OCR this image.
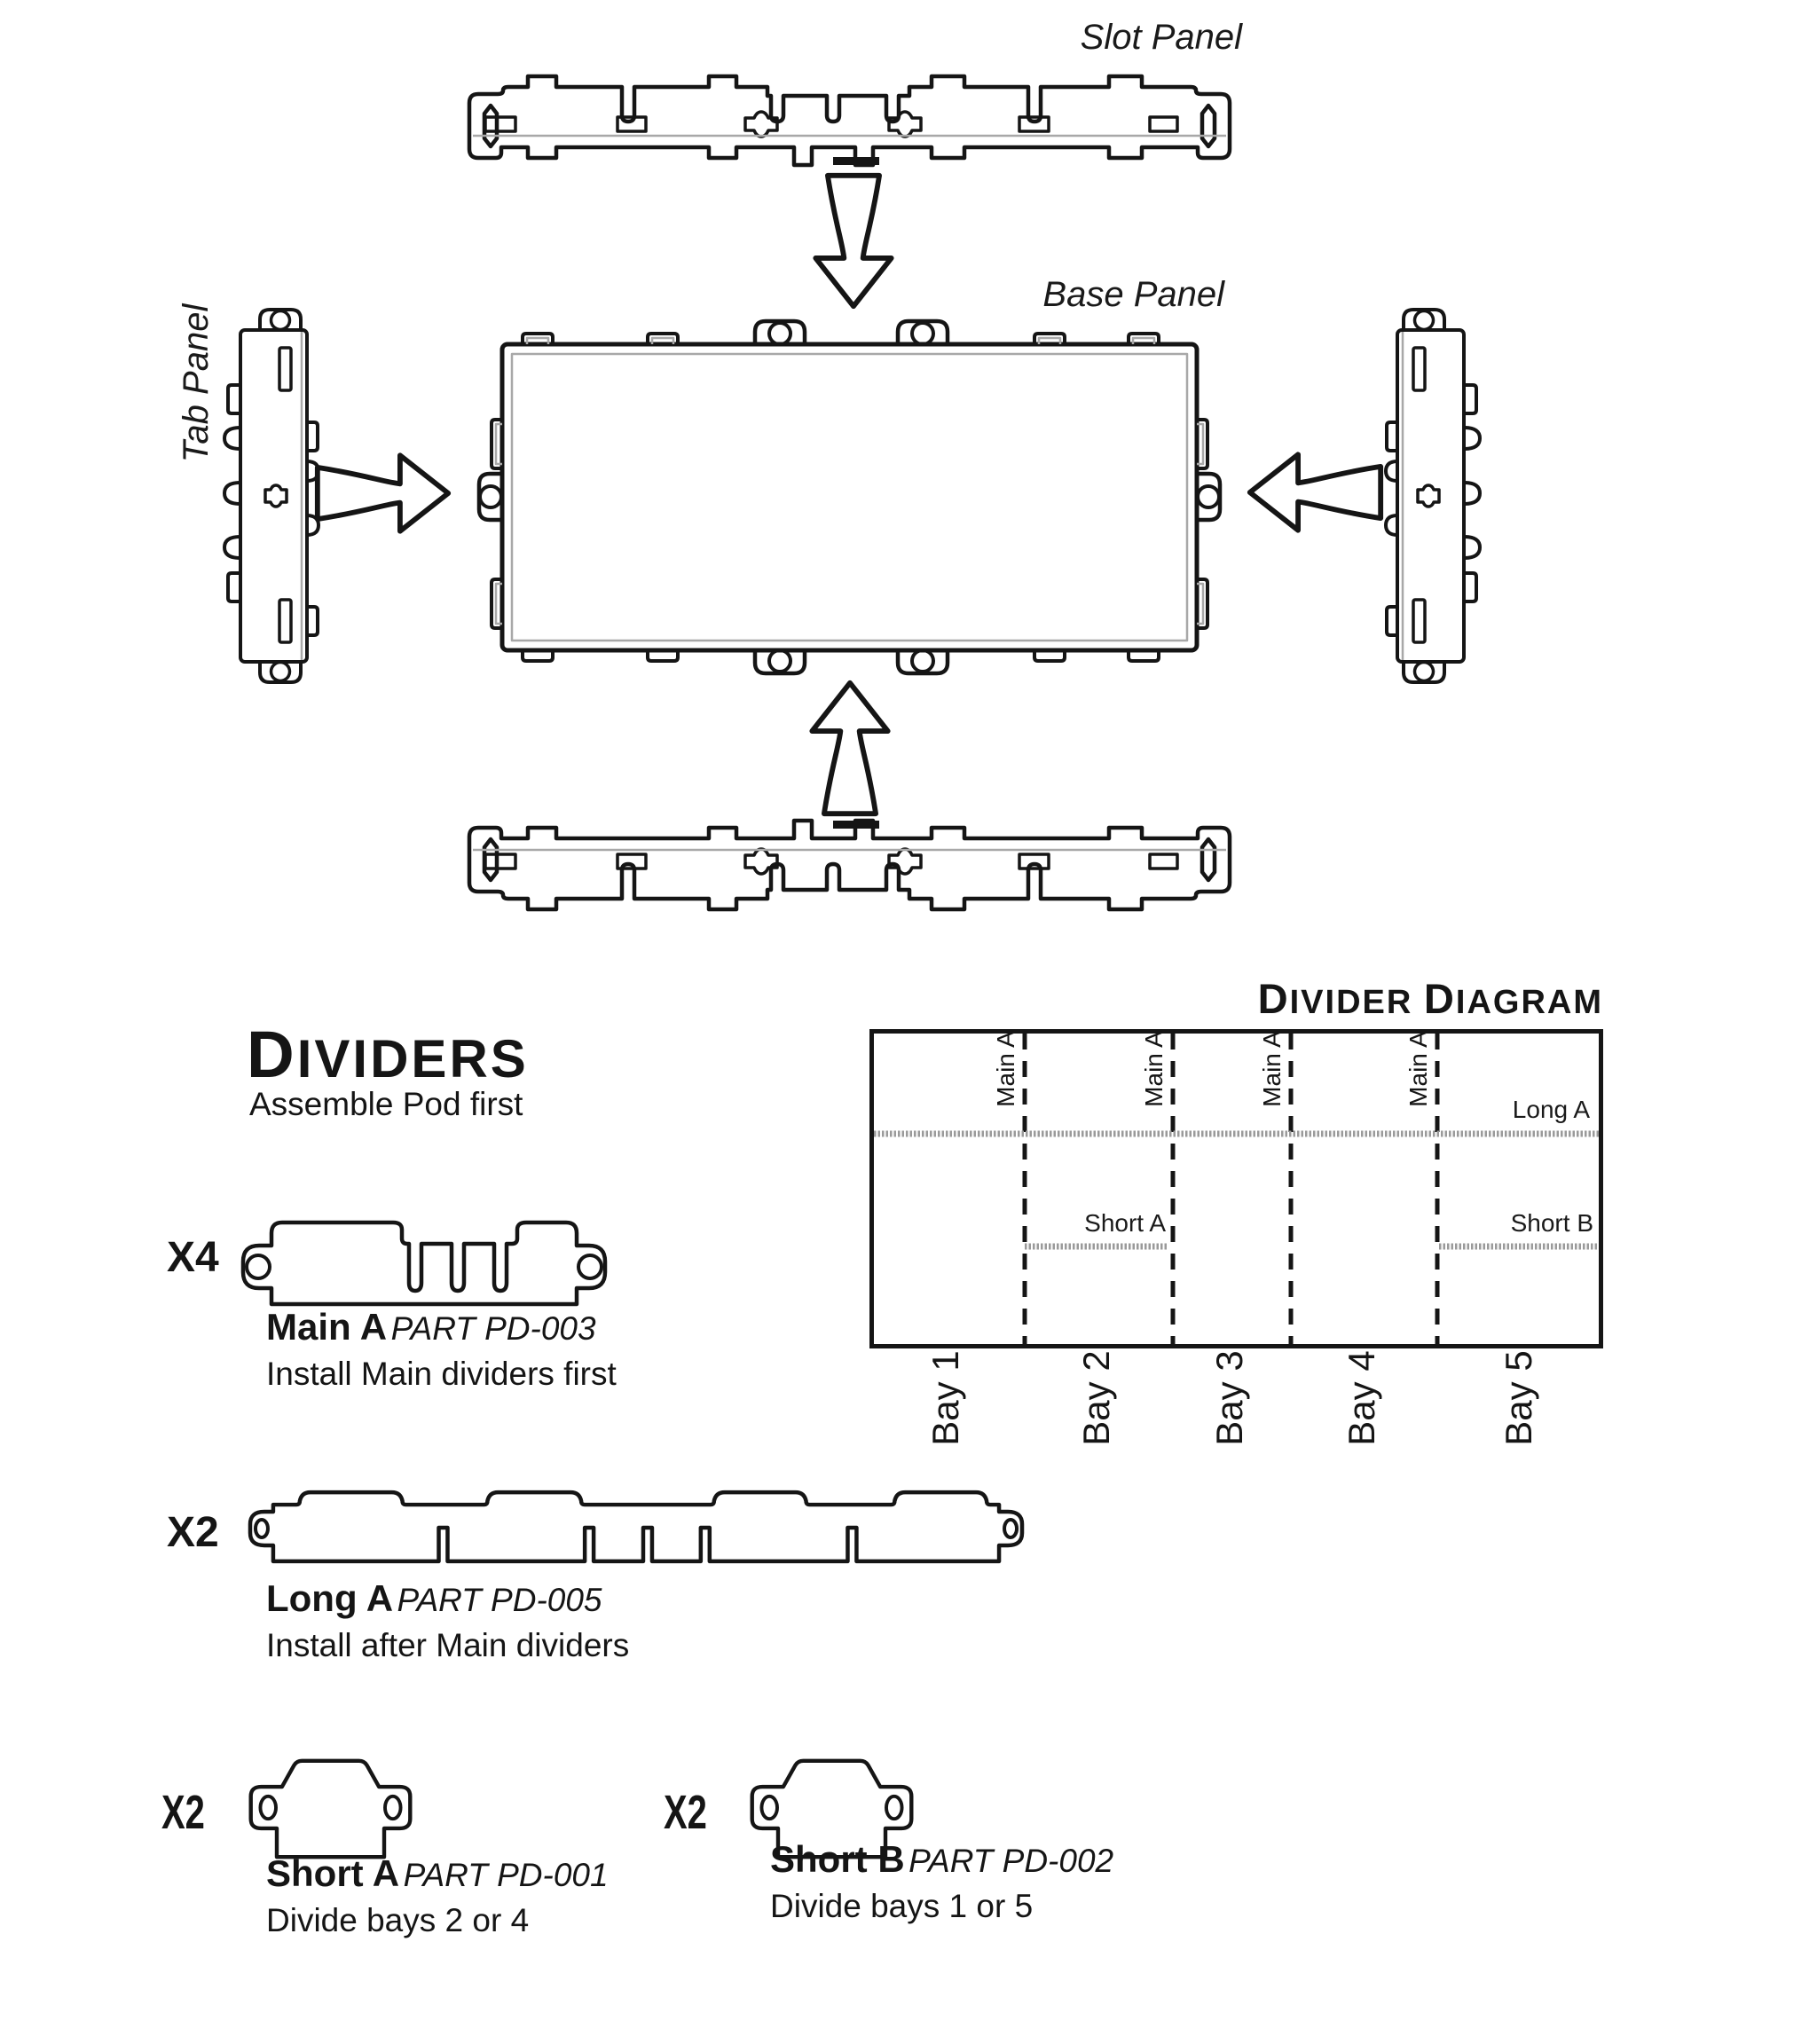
Slot Panel
Base Panel
Tab Panel
DIVIDERS
Assemble Pod first
DIVIDER DIAGRAM
Long A
Short A	Short B
Main A	Main A	Main A	Main A
Bay 1	Bay 2 Bay 3 Bay 4	Bay 5
X4
Main A PART PD-003
Install Main dividers first
X2
Long A PART PD-005
Install after Main dividers
X2
Short A PART PD-001
Divide bays 2 or 4
X2
Short B PART PD-002
Divide bays 1 or 5
